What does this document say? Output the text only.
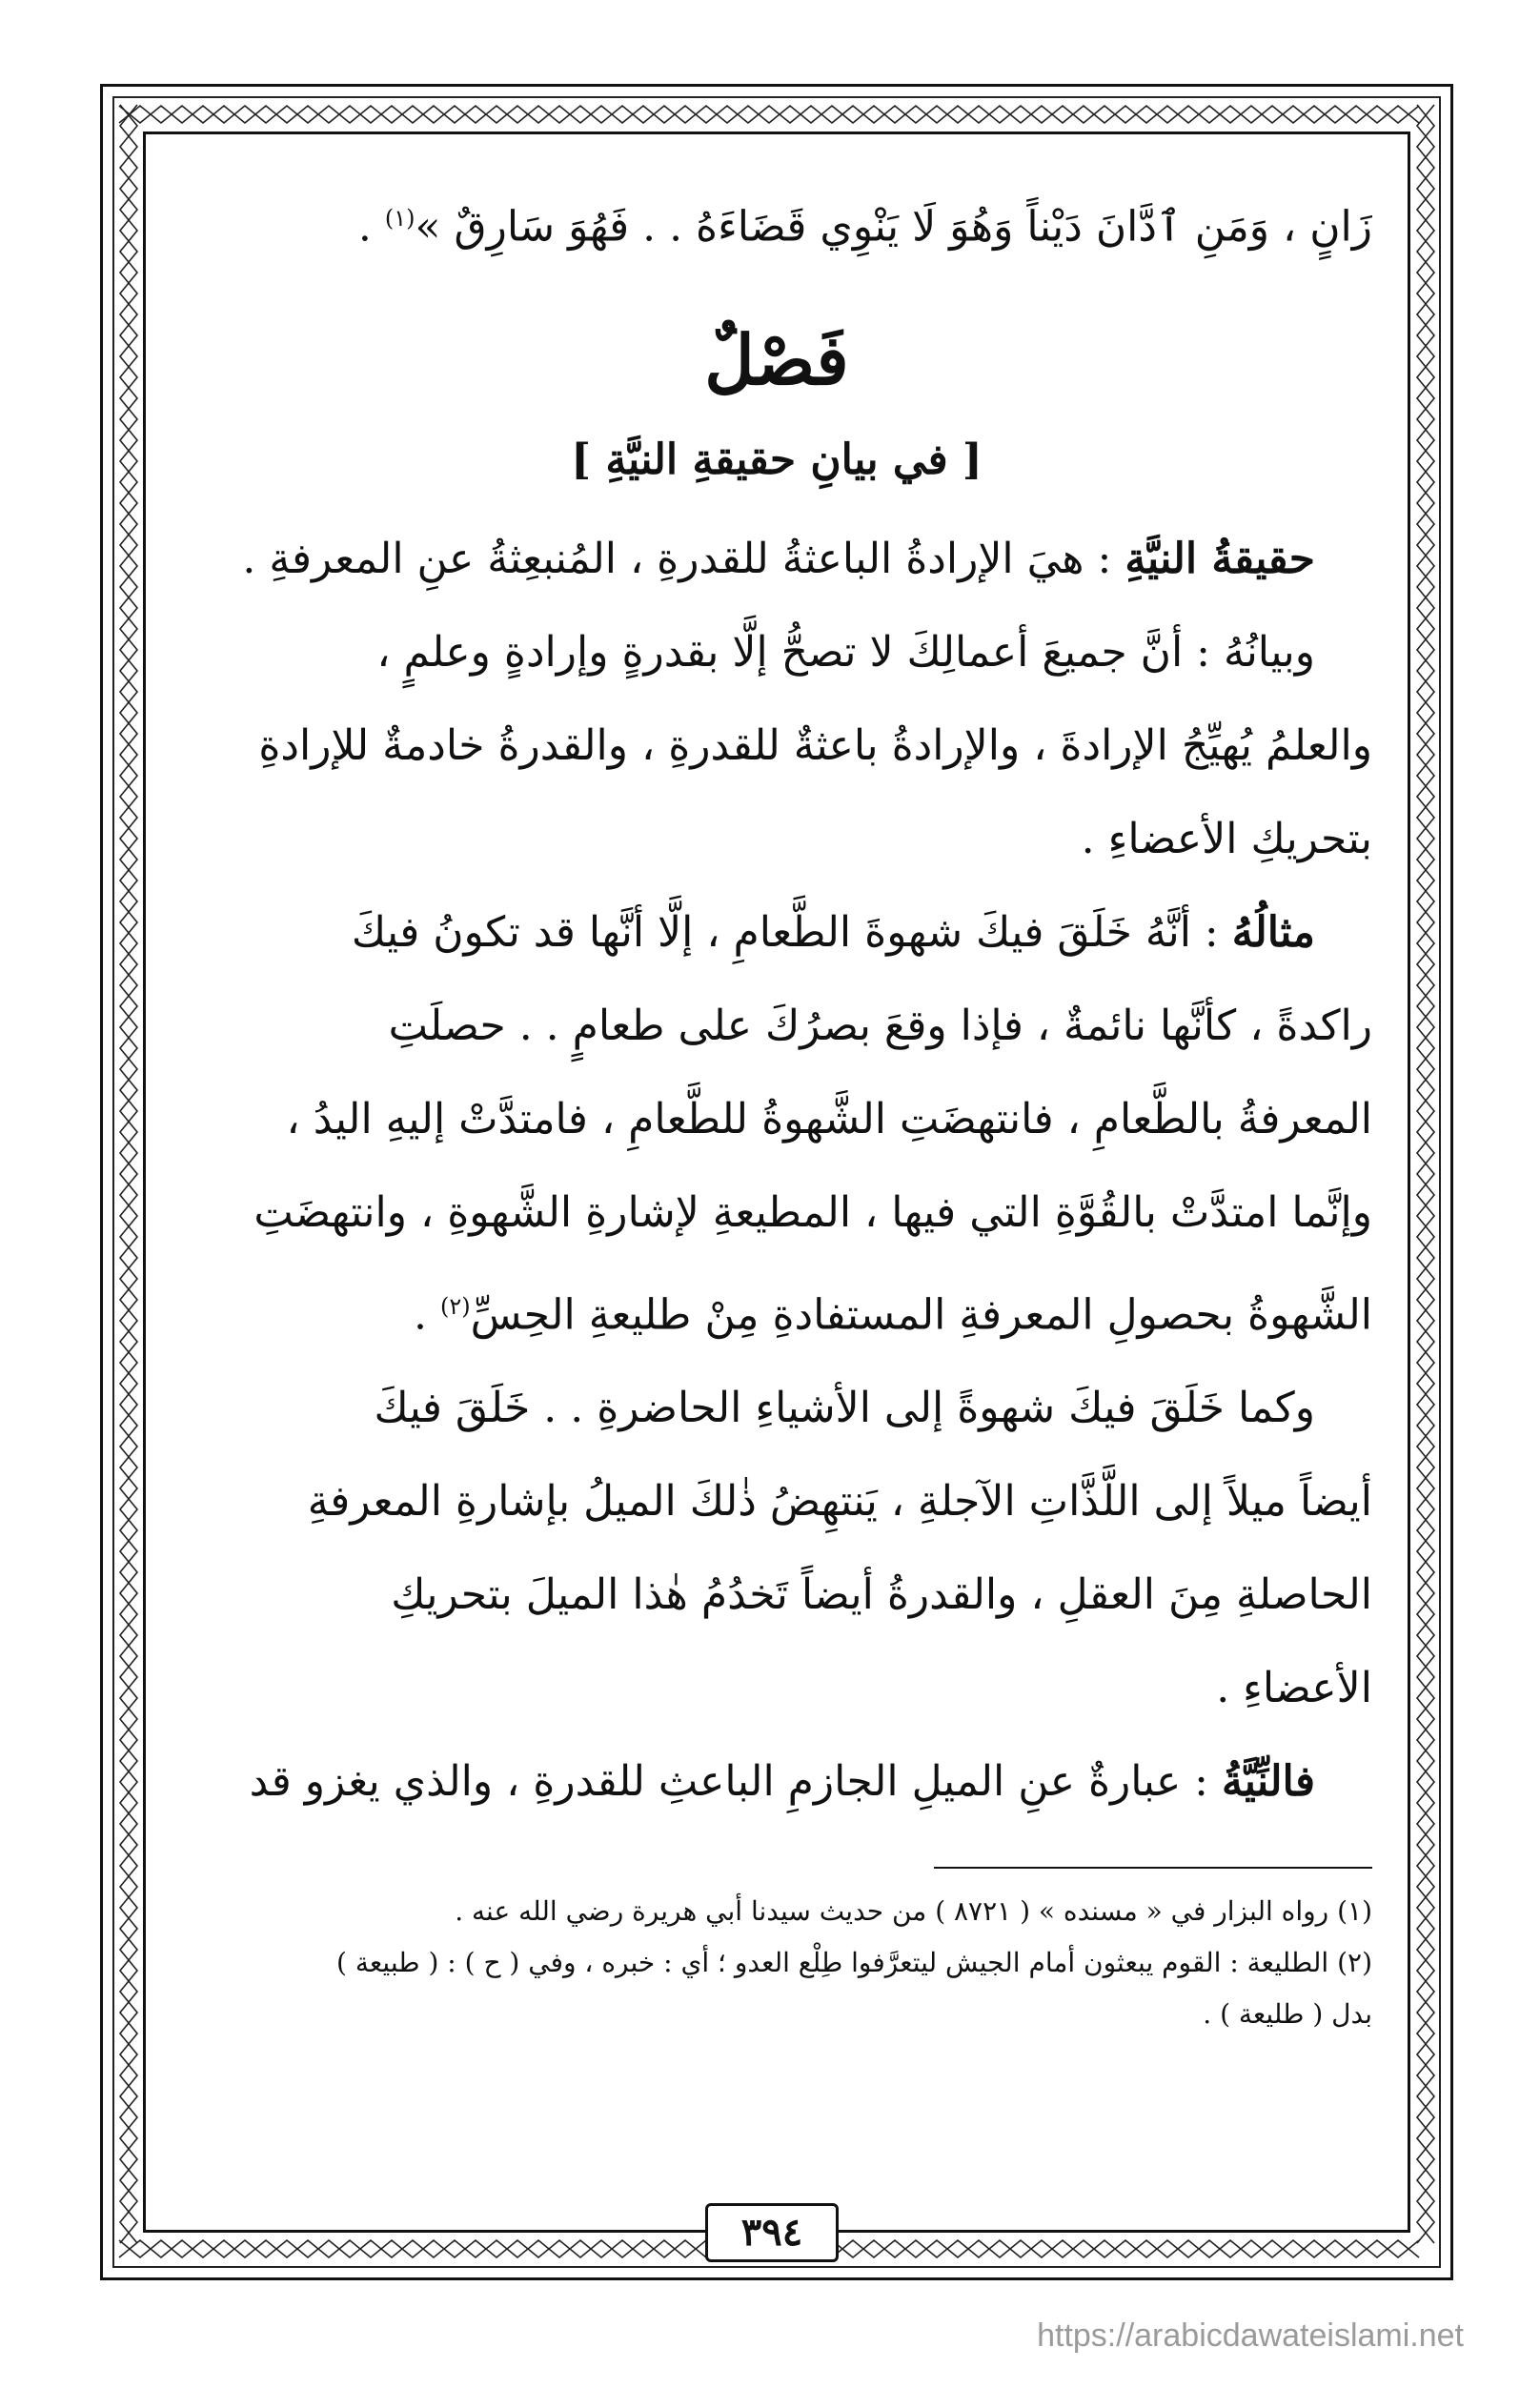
زَانٍ ، وَمَنِ ٱدَّانَ دَيْناً وَهُوَ لَا يَنْوِي قَضَاءَهُ . . فَهُوَ سَارِقٌ »$^{(١)}$ .

فَصْلٌ
[ في بيانِ حقيقةِ النيَّةِ ]

حقيقةُ النيَّةِ : هيَ الإرادةُ الباعثةُ للقدرةِ ، المُنبعِثةُ عنِ المعرفةِ .

وبيانُهُ : أنَّ جميعَ أعمالِكَ لا تصحُّ إلَّا بقدرةٍ وإرادةٍ وعلمٍ ،

والعلمُ يُهيِّجُ الإرادةَ ، والإرادةُ باعثةٌ للقدرةِ ، والقدرةُ خادمةٌ للإرادةِ

بتحريكِ الأعضاءِ .

مثالُهُ : أنَّهُ خَلَقَ فيكَ شهوةَ الطَّعامِ ، إلَّا أنَّها قد تكونُ فيكَ

راكدةً ، كأنَّها نائمةٌ ، فإذا وقعَ بصرُكَ على طعامٍ . . حصلَتِ

المعرفةُ بالطَّعامِ ، فانتهضَتِ الشَّهوةُ للطَّعامِ ، فامتدَّتْ إليهِ اليدُ ،

وإنَّما امتدَّتْ بالقُوَّةِ التي فيها ، المطيعةِ لإشارةِ الشَّهوةِ ، وانتهضَتِ

الشَّهوةُ بحصولِ المعرفةِ المستفادةِ مِنْ طليعةِ الحِسِّ$^{(٢)}$ .

وكما خَلَقَ فيكَ شهوةً إلى الأشياءِ الحاضرةِ . . خَلَقَ فيكَ

أيضاً ميلاً إلى اللَّذَّاتِ الآجلةِ ، يَنتهِضُ ذٰلكَ الميلُ بإشارةِ المعرفةِ

الحاصلةِ مِنَ العقلِ ، والقدرةُ أيضاً تَخدُمُ هٰذا الميلَ بتحريكِ

الأعضاءِ .

فالنِّيَّةُ : عبارةٌ عنِ الميلِ الجازمِ الباعثِ للقدرةِ ، والذي يغزو قد

(١) رواه البزار في « مسنده » ( ٨٧٢١ ) من حديث سيدنا أبي هريرة رضي الله عنه .

(٢) الطليعة : القوم يبعثون أمام الجيش ليتعرَّفوا طِلْع العدو ؛ أي : خبره ، وفي ( ح ) : ( طبيعة )

بدل ( طليعة ) .

٣٩٤
https://arabicdawateislami.net
